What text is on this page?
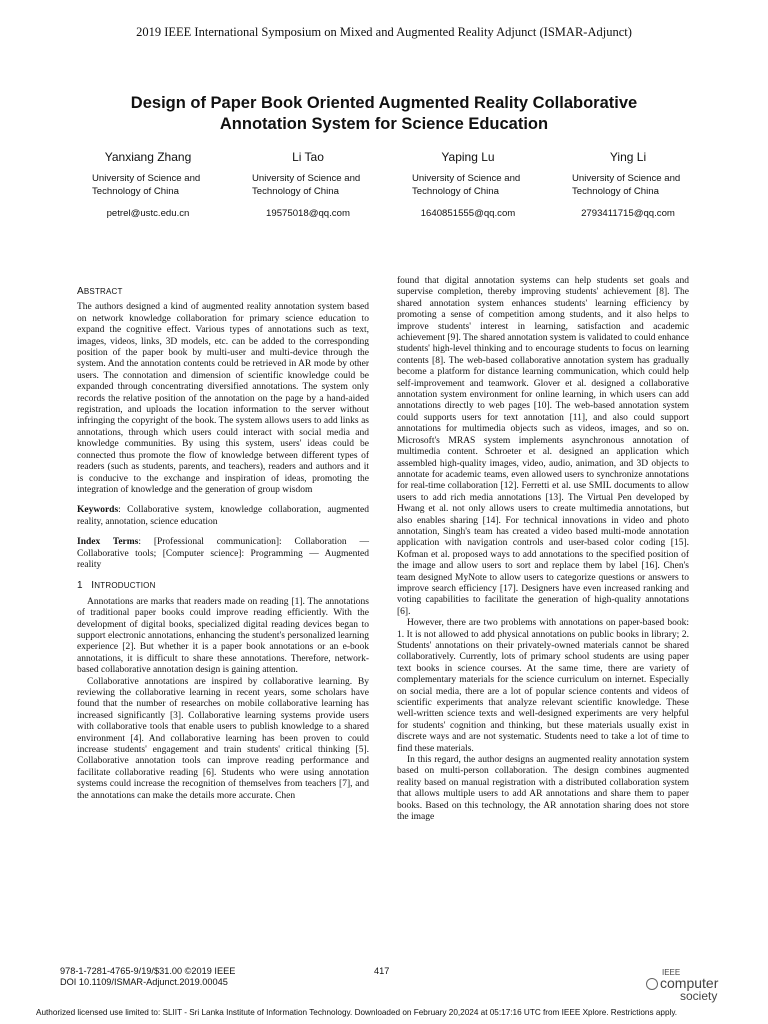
2019 IEEE International Symposium on Mixed and Augmented Reality Adjunct (ISMAR-Adjunct)
Design of Paper Book Oriented Augmented Reality Collaborative
Annotation System for Science Education
Yanxiang Zhang
University of Science and
Technology of China
petrel@ustc.edu.cn
Li Tao
University of Science and
Technology of China
19575018@qq.com
Yaping Lu
University of Science and
Technology of China
1640851555@qq.com
Ying Li
University of Science and
Technology of China
2793411715@qq.com
ABSTRACT

The authors designed a kind of augmented reality annotation system based on network knowledge collaboration for primary science education to expand the cognitive effect. Various types of annotations such as text, images, videos, links, 3D models, etc. can be added to the corresponding position of the paper book by multi-user and multi-device through the system. And the annotation contents could be retrieved in AR mode by other users. The connotation and dimension of scientific knowledge could be expanded through concentrating diversified annotations. The system only records the relative position of the annotation on the page by a hand-aided registration, and uploads the location information to the server without infringing the copyright of the book. The system allows users to add links as annotations, through which users could interact with social media and knowledge communities. By using this system, users' ideas could be connected thus promote the flow of knowledge between different types of readers (such as students, parents, and teachers), readers and authors and it is conducive to the exchange and inspiration of ideas, promoting the integration of knowledge and the generation of group wisdom

Keywords: Collaborative system, knowledge collaboration, augmented reality, annotation, science education

Index Terms: [Professional communication]: Collaboration — Collaborative tools; [Computer science]: Programming — Augmented reality

1 INTRODUCTION

Annotations are marks that readers made on reading [1]. The annotations of traditional paper books could improve reading efficiently. With the development of digital books, specialized digital reading devices began to support electronic annotations, enhancing the student's personalized learning experience [2]. But whether it is a paper book annotations or an e-book annotations, it is difficult to share these annotations. Therefore, network-based collaborative annotation design is gaining attention.

Collaborative annotations are inspired by collaborative learning. By reviewing the collaborative learning in recent years, some scholars have found that the number of researches on mobile collaborative learning has increased significantly [3]. Collaborative learning systems provide users with collaborative tools that enable users to publish knowledge to a shared environment [4]. And collaborative learning has been proven to could increase students' engagement and train students' critical thinking [5]. Collaborative annotation tools can improve reading performance and facilitate collaborative reading [6]. Students who were using annotation systems could increase the recognition of themselves from teachers [7], and the annotations can make the details more accurate. Chen

found that digital annotation systems can help students set goals and supervise completion, thereby improving students' achievement [8]. The shared annotation system enhances students' learning efficiency by promoting a sense of competition among students, and it also helps to improve students' interest in learning, satisfaction and academic achievement [9]. The shared annotation system is validated to could enhance students' high-level thinking and to encourage students to focus on learning contents [8]. The web-based collaborative annotation system has gradually become a platform for distance learning communication, which could help self-improvement and teamwork. Glover et al. designed a collaborative annotation system environment for online learning, in which users can add annotations directly to web pages [10]. The web-based annotation system could supports users for text annotation [11], and also could support annotations for multimedia objects such as videos, images, and so on. Microsoft's MRAS system implements asynchronous annotation of multimedia content. Schroeter et al. designed an application which assembled high-quality images, video, audio, animation, and 3D objects to annotate for academic teams, even allowed users to synchronize annotations for real-time collaboration [12]. Ferretti et al. use SMIL documents to allow users to add rich media annotations [13]. The Virtual Pen developed by Hwang et al. not only allows users to create multimedia annotations, but also enables sharing [14]. For technical innovations in video and photo annotation, Singh's team has created a video based multi-mode annotation application with navigation controls and user-based color coding [15]. Kofman et al. proposed ways to add annotations to the specified position of the image and allow users to sort and replace them by label [16]. Chen's team designed MyNote to allow users to categorize questions or answers to improve search efficiency [17]. Designers have even increased ranking and voting capabilities to facilitate the generation of high-quality annotations [6].

However, there are two problems with annotations on paper-based book: 1. It is not allowed to add physical annotations on public books in library; 2. Students' annotations on their privately-owned materials cannot be shared collaboratively. Currently, lots of primary school students are using paper text books in science courses. At the same time, there are variety of complementary materials for the science curriculum on internet. Especially on social media, there are a lot of popular science contents and videos of scientific experiments that analyze relevant scientific knowledge. These well-written science texts and well-designed experiments are very helpful for students' cognition and thinking, but these materials usually exist in discrete ways and are not systematic. Students need to take a lot of time to find these materials.

In this regard, the author designs an augmented reality annotation system based on multi-person collaboration. The design combines augmented reality based on manual registration with a distributed collaboration system that allows multiple users to add AR annotations and share them to paper books. Based on this technology, the AR annotation sharing does not store the image

978-1-7281-4765-9/19/$31.00 ©2019 IEEE
DOI 10.1109/ISMAR-Adjunct.2019.00045
417	IEEE
computer
society
Authorized licensed use limited to: SLIIT - Sri Lanka Institute of Information Technology. Downloaded on February 20,2024 at 05:17:16 UTC from IEEE Xplore. Restrictions apply.
